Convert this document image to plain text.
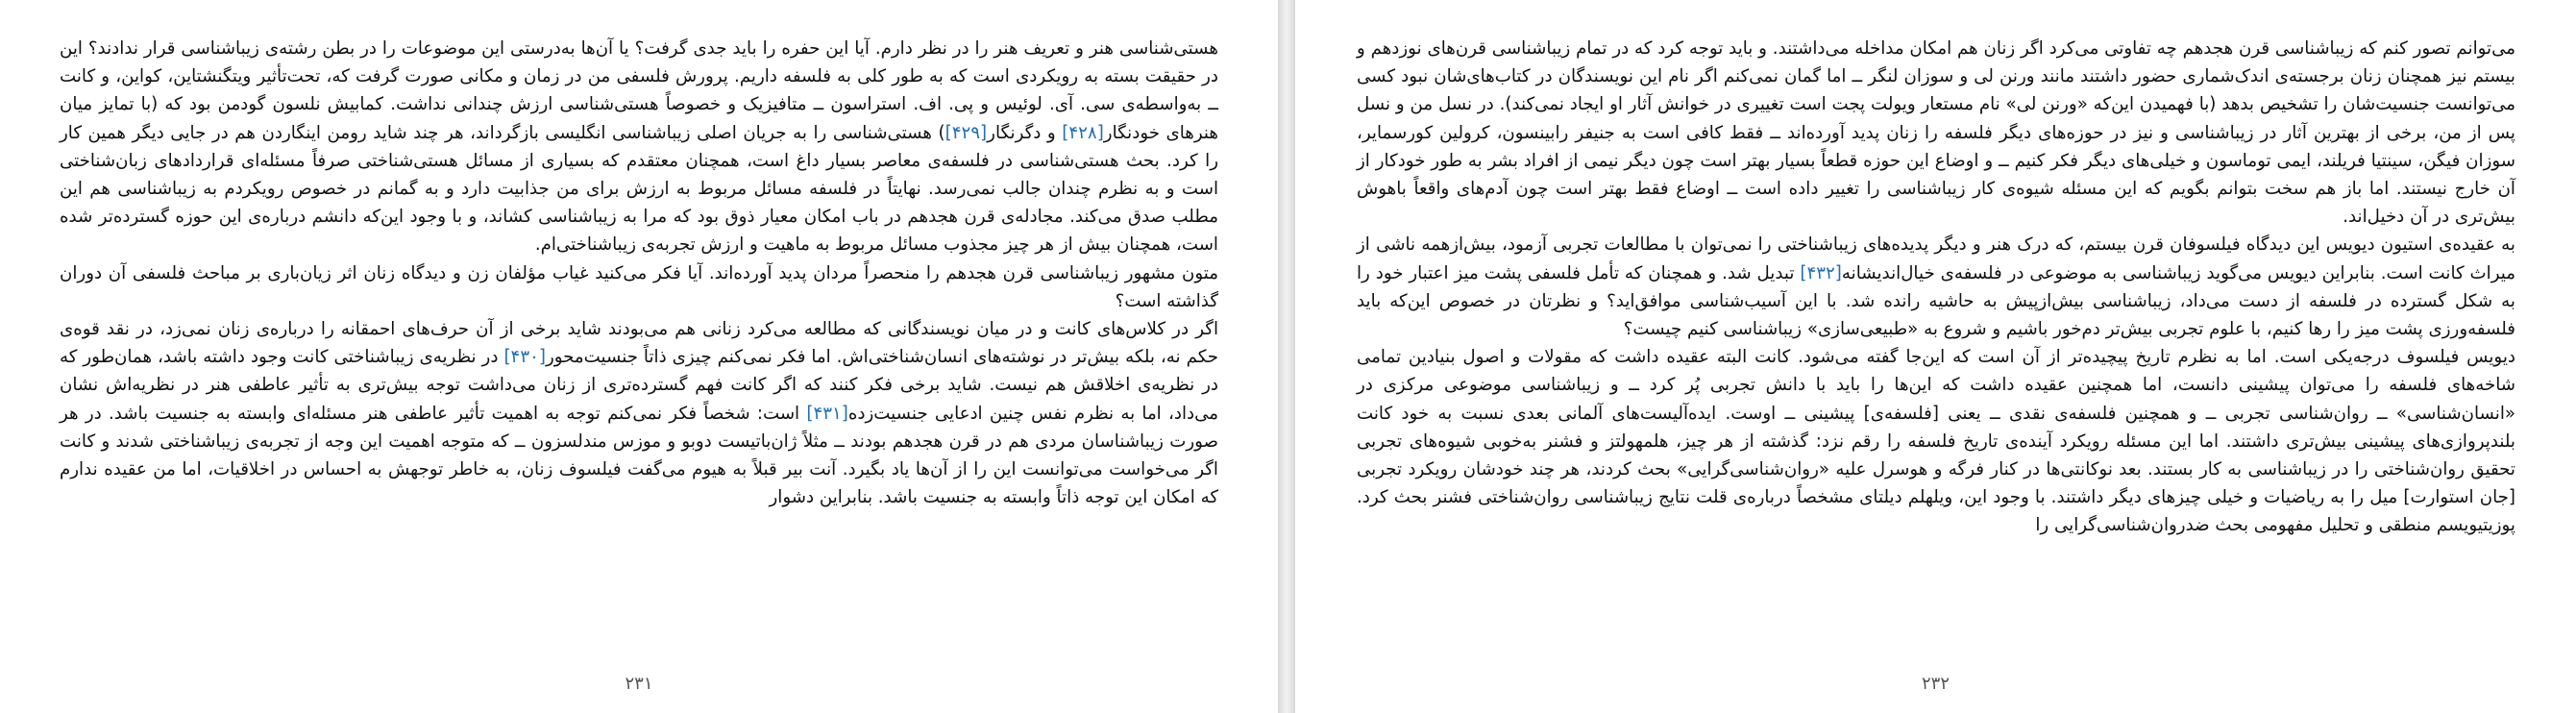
هستی‌شناسی هنر و تعریف هنر را در نظر دارم. آیا این حفره را باید جدی گرفت؟ یا آن‌ها به‌درستی این موضوعات را در بطن رشته‌ی زیباشناسی قرار ندادند؟ این در حقیقت بسته به رویکردی است که به طور کلی به فلسفه داریم. پرورش فلسفی من در زمان و مکانی صورت گرفت که، تحت‌تأثیر ویتگنشتاین، کواین، و کانت ــ به‌واسطه‌ی سی. آی. لوئیس و پی. اف. استراسون ــ متافیزیک و خصوصاً هستی‌شناسی ارزش چندانی نداشت. کمابیش نلسون گودمن بود که (با تمایز میان هنرهای خودنگار[۴۲۸] و دگرنگار[۴۲۹]) هستی‌شناسی را به جریان اصلی زیباشناسی انگلیسی بازگرداند، هر چند شاید رومن اینگاردن هم در جایی دیگر همین کار را کرد. بحث هستی‌شناسی در فلسفه‌ی معاصر بسیار داغ است، همچنان معتقدم که بسیاری از مسائل هستی‌شناختی صرفاً مسئله‌ای قراردادهای زبان‌شناختی است و به نظرم چندان جالب نمی‌رسد. نهایتاً در فلسفه مسائل مربوط به ارزش برای من جذابیت دارد و به گمانم در خصوص رویکردم به زیباشناسی هم این مطلب صدق می‌کند. مجادله‌ی قرن هجدهم در باب امکان معیار ذوق بود که مرا به زیباشناسی کشاند، و با وجود این‌که دانشم درباره‌ی این حوزه گسترده‌تر شده است، همچنان بیش از هر چیز مجذوب مسائل مربوط به ماهیت و ارزش تجربه‌ی زیباشناختی‌ام.

متون مشهور زیباشناسی قرن هجدهم را منحصراً مردان پدید آورده‌اند. آیا فکر می‌کنید غیاب مؤلفان زن و دیدگاه زنان اثر زیان‌باری بر مباحث فلسفی آن دوران گذاشته است؟

اگر در کلاس‌های کانت و در میان نویسندگانی که مطالعه می‌کرد زنانی هم می‌بودند شاید برخی از آن حرف‌های احمقانه را درباره‌ی زنان نمی‌زد، در نقد قوه‌ی حکم نه، بلکه بیش‌تر در نوشته‌های انسان‌شناختی‌اش. اما فکر نمی‌کنم چیزی ذاتاً جنسیت‌محور[۴۳۰] در نظریه‌ی زیباشناختی کانت وجود داشته باشد، همان‌طور که در نظریه‌ی اخلاقش هم نیست. شاید برخی فکر کنند که اگر کانت فهم گسترده‌تری از زنان می‌داشت توجه بیش‌تری به تأثیر عاطفی هنر در نظریه‌اش نشان می‌داد، اما به نظرم نفس چنین ادعایی جنسیت‌زده[۴۳۱] است: شخصاً فکر نمی‌کنم توجه به اهمیت تأثیر عاطفی هنر مسئله‌ای وابسته به جنسیت باشد. در هر صورت زیباشناسان مردی هم در قرن هجدهم بودند ــ مثلاً ژان‌باتیست دوبو و موزس مندلسزون ــ که متوجه اهمیت این وجه از تجربه‌ی زیباشناختی شدند و کانت اگر می‌خواست می‌توانست این را از آن‌ها یاد بگیرد. آنت بیر قبلاً به هیوم می‌گفت فیلسوف زنان، به خاطر توجهش به احساس در اخلاقیات، اما من عقیده ندارم که امکان این توجه ذاتاً وابسته به جنسیت باشد. بنابراین دشوار

۲۳۱

می‌توانم تصور کنم که زیباشناسی قرن هجدهم چه تفاوتی می‌کرد اگر زنان هم امکان مداخله می‌داشتند. و باید توجه کرد که در تمام زیباشناسی قرن‌های نوزدهم و بیستم نیز همچنان زنان برجسته‌ی اندک‌شماری حضور داشتند مانند ورنن لی و سوزان لنگر ــ اما گمان نمی‌کنم اگر نام این نویسندگان در کتاب‌های‌شان نبود کسی می‌توانست جنسیت‌شان را تشخیص بدهد (با فهمیدن این‌که «ورنن لی» نام مستعار ویولت پجت است تغییری در خوانش آثار او ایجاد نمی‌کند). در نسل من و نسل پس از من، برخی از بهترین آثار در زیباشناسی و نیز در حوزه‌های دیگر فلسفه را زنان پدید آورده‌اند ــ فقط کافی است به جنیفر رابینسون، کرولین کورسمایر، سوزان فیگن، سینتیا فریلند، ایمی توماسون و خیلی‌های دیگر فکر کنیم ــ و اوضاع این حوزه قطعاً بسیار بهتر است چون دیگر نیمی از افراد بشر به طور خودکار از آن خارج نیستند. اما باز هم سخت بتوانم بگویم که این مسئله شیوه‌ی کار زیباشناسی را تغییر داده است ــ اوضاع فقط بهتر است چون آدم‌های واقعاً باهوش بیش‌تری در آن دخیل‌اند.

به عقیده‌ی استیون دیویس این دیدگاه فیلسوفان قرن بیستم، که درک هنر و دیگر پدیده‌های زیباشناختی را نمی‌توان با مطالعات تجربی آزمود، بیش‌ازهمه ناشی از میراث کانت است. بنابراین دیویس می‌گوید زیباشناسی به موضوعی در فلسفه‌ی خیال‌اندیشانه[۴۳۲] تبدیل شد. و همچنان که تأمل فلسفی پشت میز اعتبار خود را به شکل گسترده در فلسفه از دست می‌داد، زیباشناسی بیش‌ازپیش به حاشیه رانده شد. با این آسیب‌شناسی موافق‌اید؟ و نظرتان در خصوص این‌که باید فلسفه‌ورزی پشت میز را رها کنیم، با علوم تجربی بیش‌تر دم‌خور باشیم و شروع به «طبیعی‌سازی» زیباشناسی کنیم چیست؟

دیویس فیلسوف درجه‌یکی است. اما به نظرم تاریخ پیچیده‌تر از آن است که این‌جا گفته می‌شود. کانت البته عقیده داشت که مقولات و اصول بنیادین تمامی شاخه‌های فلسفه را می‌توان پیشینی دانست، اما همچنین عقیده داشت که این‌ها را باید با دانش تجربی پُر کرد ــ و زیباشناسی موضوعی مرکزی در «انسان‌شناسی» ــ روان‌شناسی تجربی ــ و همچنین فلسفه‌ی نقدی ــ یعنی [فلسفه‌ی] پیشینی ــ اوست. ایده‌آلیست‌های آلمانی بعدی نسبت به خود کانت بلندپروازی‌های پیشینی بیش‌تری داشتند. اما این مسئله رویکرد آینده‌ی تاریخ فلسفه را رقم نزد: گذشته از هر چیز، هلمهولتز و فشنر به‌خوبی شیوه‌های تجربی تحقیق روان‌شناختی را در زیباشناسی به کار بستند. بعد نوکانتی‌ها در کنار فرگه و هوسرل علیه «روان‌شناسی‌گرایی» بحث کردند، هر چند خودشان رویکرد تجربی [جان استوارت] میل را به ریاضیات و خیلی چیزهای دیگر داشتند. با وجود این، ویلهلم دیلتای مشخصاً درباره‌ی قلت نتایج زیباشناسی روان‌شناختی فشنر بحث کرد. پوزیتیویسم منطقی و تحلیل مفهومی بحث ضدروان‌شناسی‌گرایی را

۲۳۲
